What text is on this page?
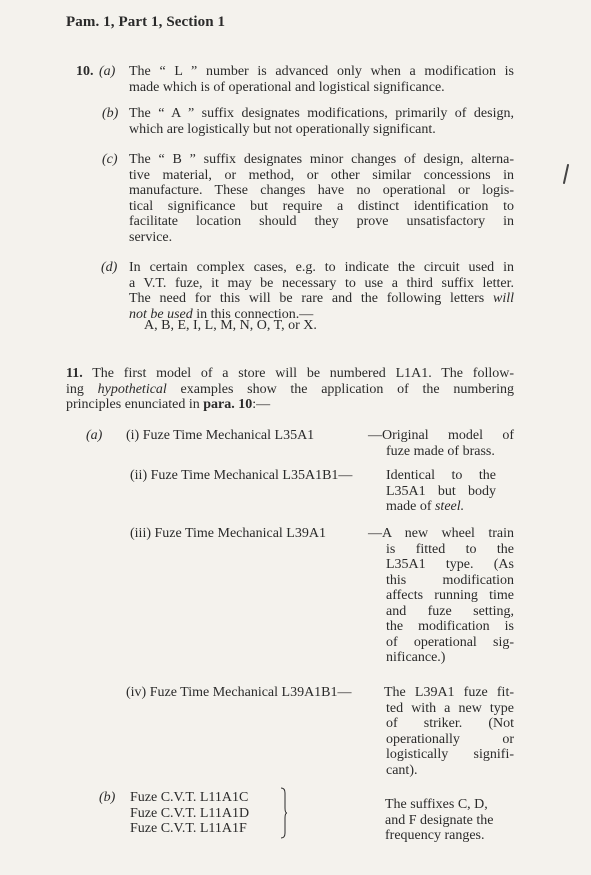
Pam. 1, Part 1, Section 1
10. (a) The “ L ” number is advanced only when a modification is
made which is of operational and logistical significance.
(b) The “ A ” suffix designates modifications, primarily of design,
which are logistically but not operationally significant.
(c) The “ B ” suffix designates minor changes of design, alterna-
tive material, or method, or other similar concessions in
manufacture. These changes have no operational or logis-
tical significance but require a distinct identification to
facilitate location should they prove unsatisfactory in
service.
(d) In certain complex cases, e.g. to indicate the circuit used in
a V.T. fuze, it may be necessary to use a third suffix letter.
The need for this will be rare and the following letters will
not be used in this connection.—
A, B, E, I, L, M, N, O, T, or X.
11. The first model of a store will be numbered L1A1. The follow-
ing hypothetical examples show the application of the numbering
principles enunciated in para. 10:—
(a) (i) Fuze Time Mechanical L35A1	—Original model of
fuze made of brass.
(ii) Fuze Time Mechanical L35A1B1— Identical to the
L35A1 but body
made of steel.
(iii) Fuze Time Mechanical L39A1	—A new wheel train
is fitted to the
L35A1 type. (As
this modification
affects running time
and fuze setting,
the modification is
of operational sig-
nificance.)
(iv) Fuze Time Mechanical L39A1B1— The L39A1 fuze fit-
ted with a new type
of striker. (Not
operationally or
logistically signifi-
cant).
(b) Fuze C.V.T. L11A1C
Fuze C.V.T. L11A1D
Fuze C.V.T. L11A1F
The suffixes C, D,
and F designate the
frequency ranges.
